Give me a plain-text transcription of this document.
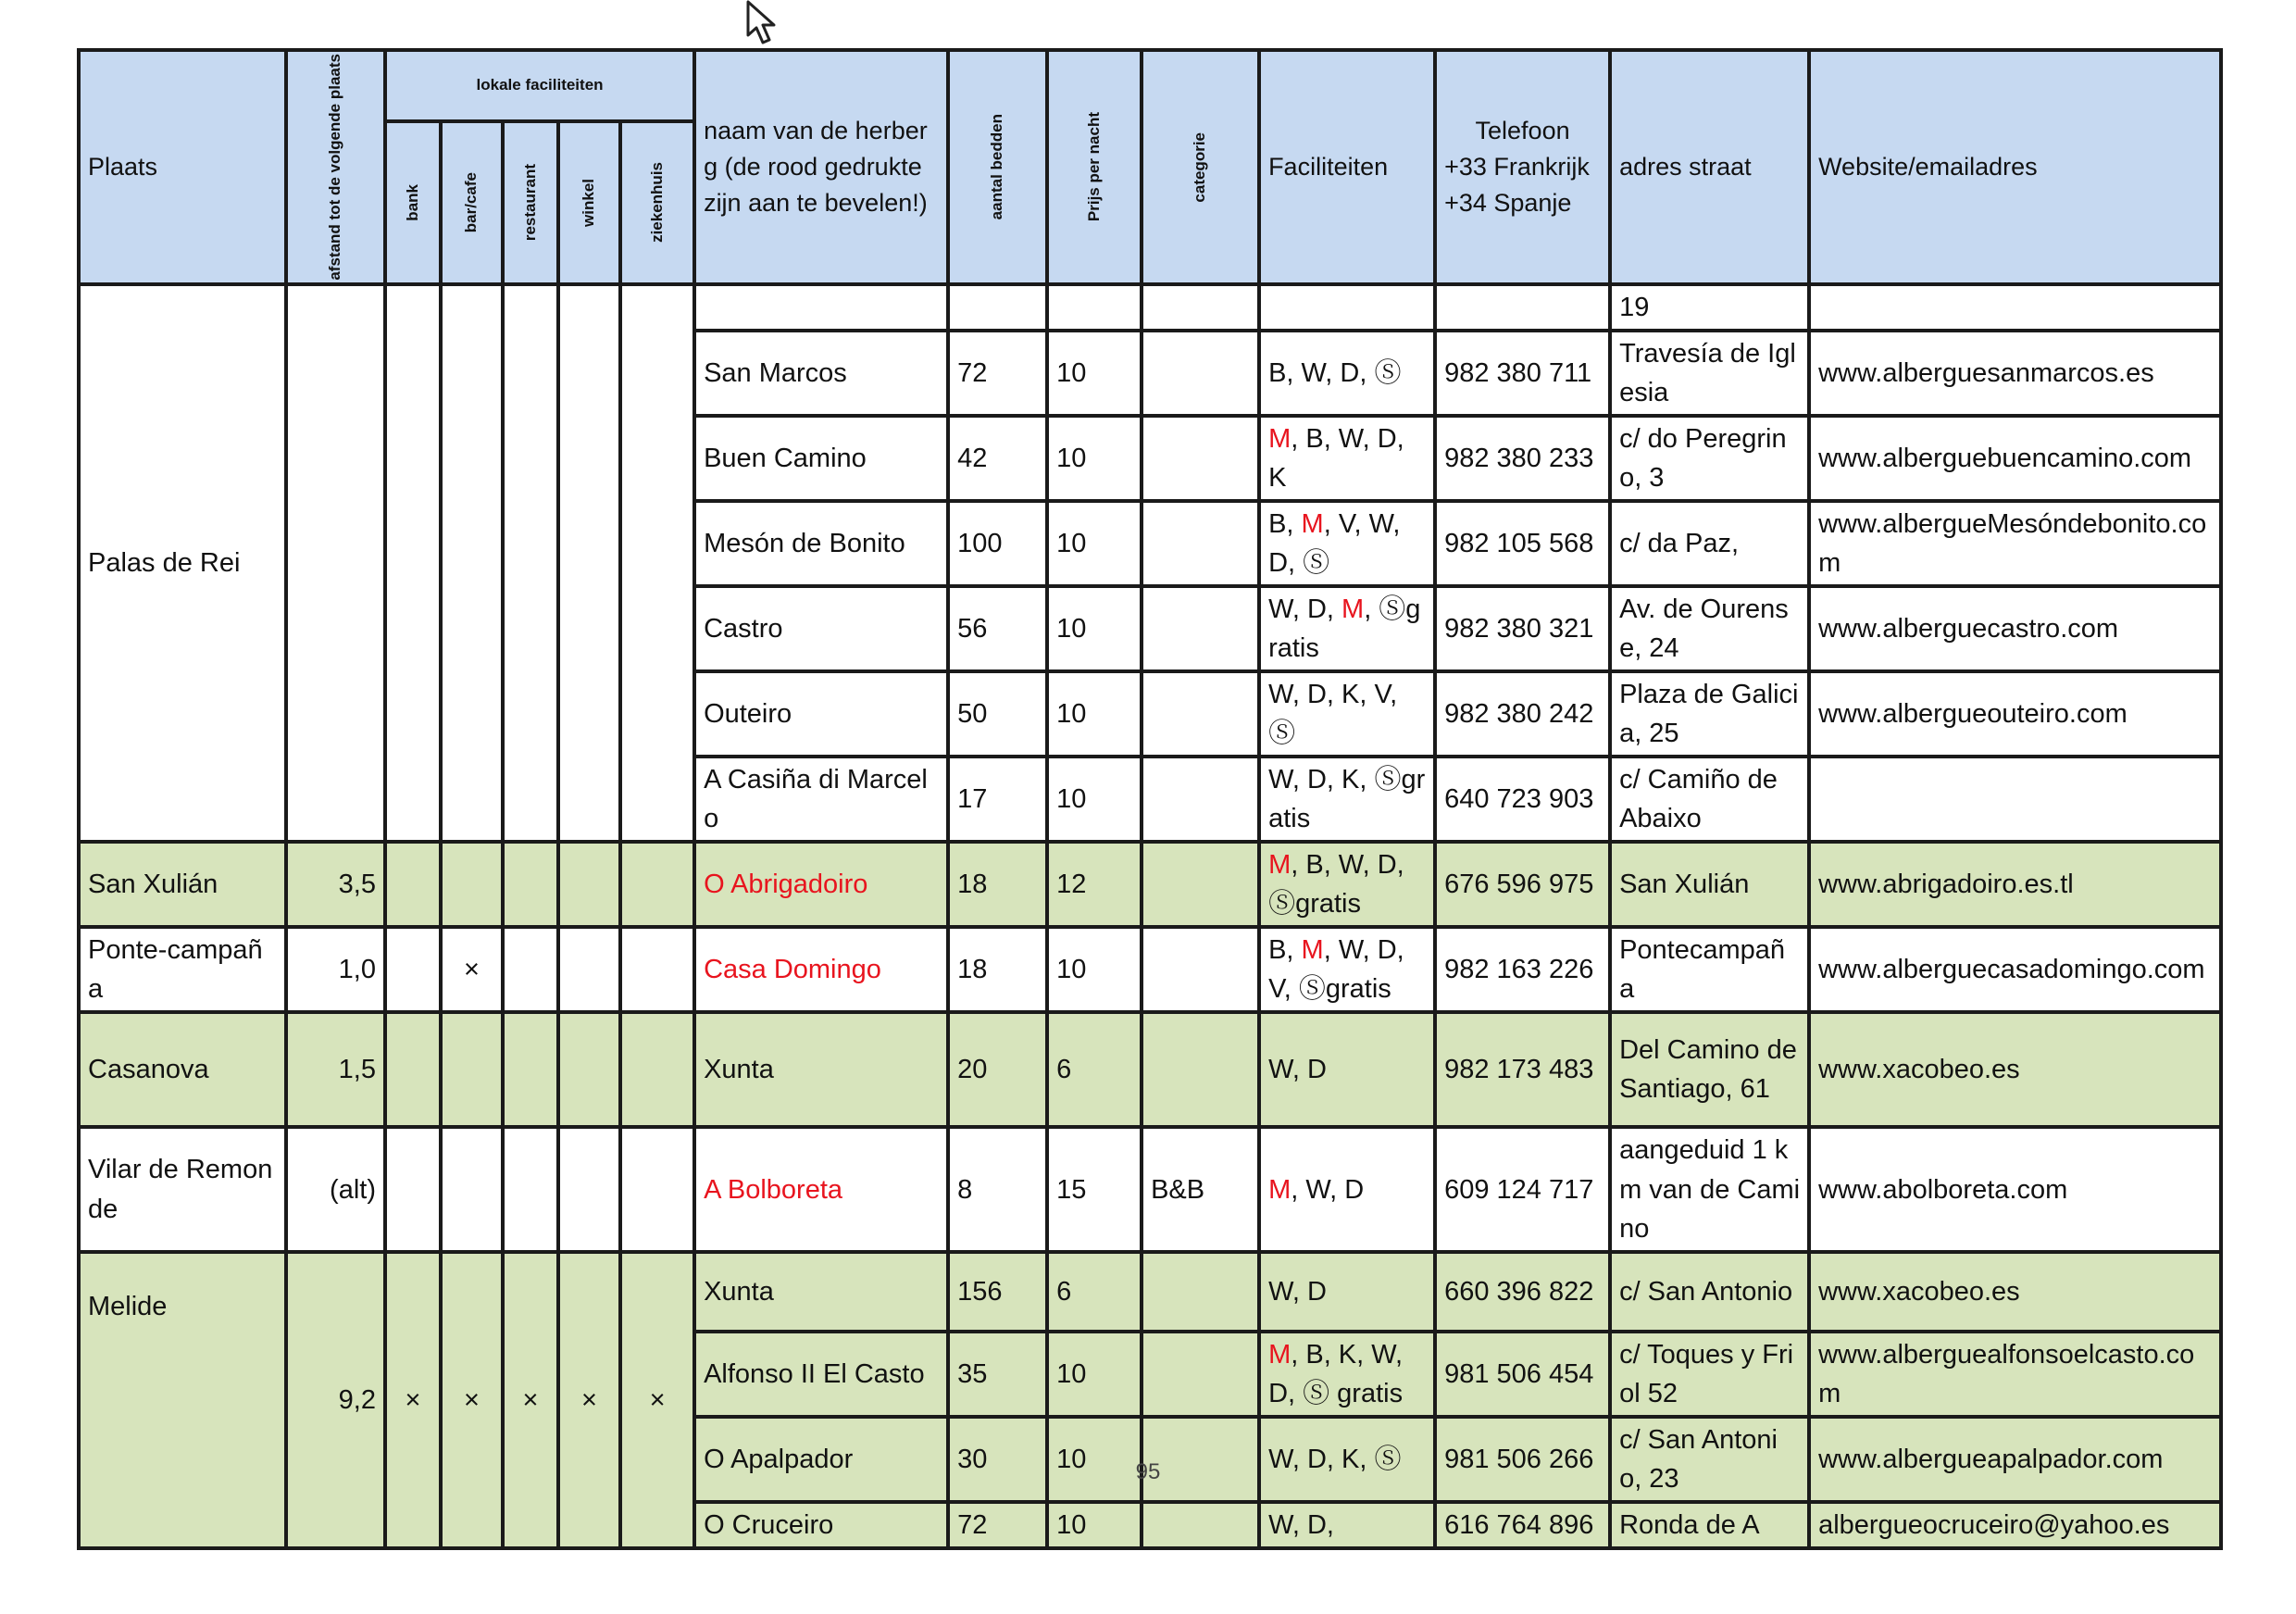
Plaats	afstand tot de volgende plaats	lokale faciliteiten					naam van de herberg (de rood gedrukte zijn aan te bevelen!)	aantal bedden	Prijs per nacht	categorie	Faciliteiten	Telefoon
+33 Frankrijk
+34 Spanje	adres straat	Website/emailadres

		bank	bar/cafe	restaurant	winkel	ziekenhuis								

Palas de Rei													19	
							San Marcos	72	10		B, W, D, Ⓢ	982 380 711	Travesía de Iglesia	www.alberguesanmarcos.es
							Buen Camino	42	10		M, B, W, D, K	982 380 233	c/ do Peregrino, 3	www.alberguebuencamino.com
							Mesón de Bonito	100	10		B, M, V, W, D, Ⓢ	982 105 568	c/ da Paz,	www.albergueMesóndebonito.com
							Castro	56	10		W, D, M, Ⓢgratis	982 380 321	Av. de Ourense, 24	www.alberguecastro.com
							Outeiro	50	10		W, D, K, V, Ⓢ	982 380 242	Plaza de Galicia, 25	www.albergueouteiro.com
							A Casiña di Marcelo	17	10		W, D, K, Ⓢgratis	640 723 903	c/ Camiño de Abaixo	
San Xulián	3,5						O Abrigadoiro	18	12		M, B, W, D, Ⓢgratis	676 596 975	San Xulián	www.abrigadoiro.es.tl
Ponte-campaña	1,0		×				Casa Domingo	18	10		B, M, W, D, V, Ⓢgratis	982 163 226	Pontecampaña	www.alberguecasadomingo.com
Casanova	1,5						Xunta	20	6		W, D	982 173 483	Del Camino de Santiago, 61	www.xacobeo.es
Vilar de Remonde	(alt)						A Bolboreta	8	15	B&B	M, W, D	609 124 717	aangeduid 1 km van de Camino	www.abolboreta.com
Melide	9,2	×	×	×	×	×	Xunta	156	6		W, D	660 396 822	c/ San Antonio	www.xacobeo.es
							Alfonso II El Casto	35	10		M, B, K, W, D, Ⓢ gratis	981 506 454	c/ Toques y Friol 52	www.alberguealfonsoelcasto.com
							O Apalpador	30	10		W, D, K, Ⓢ	981 506 266	c/ San Antonio, 23	www.albergueapalpador.com
							O Cruceiro	72	10		W, D,	616 764 896	Ronda de A	albergueocruceiro@yahoo.es
95
